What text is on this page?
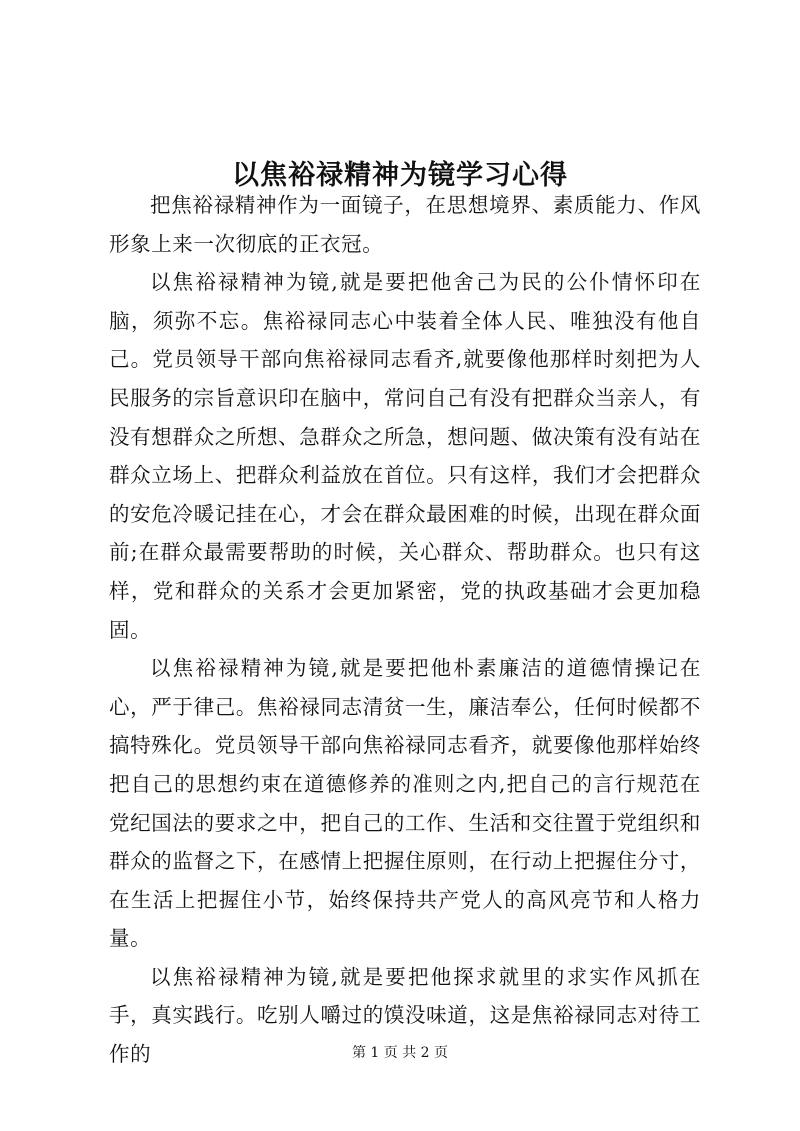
以焦裕禄精神为镜学习心得

把焦裕禄精神作为一面镜子，在思想境界、素质能力、作风形象上来一次彻底的正衣冠。

以焦裕禄精神为镜,就是要把他舍己为民的公仆情怀印在脑，须弥不忘。焦裕禄同志心中装着全体人民、唯独没有他自己。党员领导干部向焦裕禄同志看齐,就要像他那样时刻把为人民服务的宗旨意识印在脑中，常问自己有没有把群众当亲人，有没有想群众之所想、急群众之所急，想问题、做决策有没有站在群众立场上、把群众利益放在首位。只有这样，我们才会把群众的安危冷暖记挂在心，才会在群众最困难的时候，出现在群众面前;在群众最需要帮助的时候，关心群众、帮助群众。也只有这样，党和群众的关系才会更加紧密，党的执政基础才会更加稳固。

以焦裕禄精神为镜,就是要把他朴素廉洁的道德情操记在心，严于律己。焦裕禄同志清贫一生，廉洁奉公，任何时候都不搞特殊化。党员领导干部向焦裕禄同志看齐，就要像他那样始终把自己的思想约束在道德修养的准则之内,把自己的言行规范在党纪国法的要求之中，把自己的工作、生活和交往置于党组织和群众的监督之下，在感情上把握住原则，在行动上把握住分寸，在生活上把握住小节，始终保持共产党人的高风亮节和人格力量。

以焦裕禄精神为镜,就是要把他探求就里的求实作风抓在手，真实践行。吃别人嚼过的馍没味道，这是焦裕禄同志对待工作的	第 1 页 共 2 页
